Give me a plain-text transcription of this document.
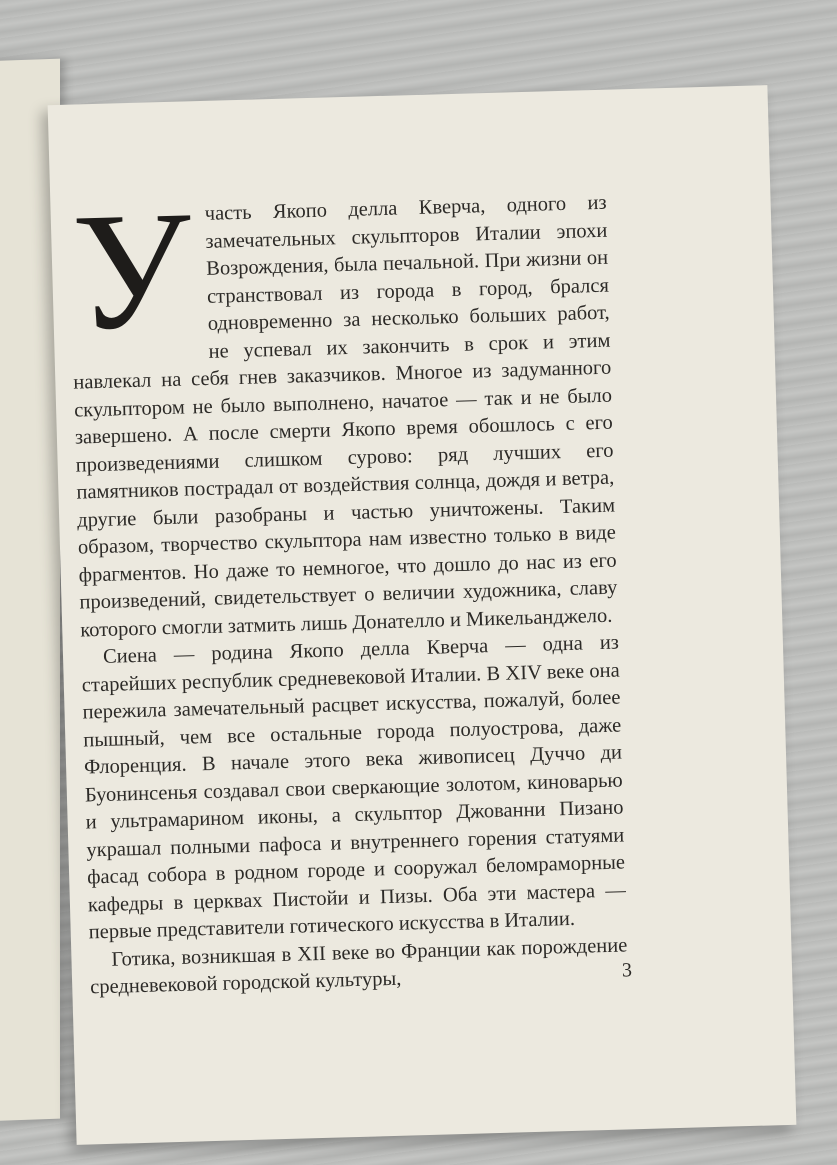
У часть Якопо делла Кверча, одного из замечательных скульпторов Италии эпохи Возрождения, была печальной. При жизни он странствовал из города в город, брался одновременно за несколько больших работ, не успевал их закончить в срок и этим навлекал на себя гнев заказчиков. Многое из задуманного скульптором не было выполнено, начатое — так и не было завершено. А после смерти Якопо время обошлось с его произведениями слишком сурово: ряд лучших его памятников пострадал от воздействия солнца, дождя и ветра, другие были разобраны и частью уничтожены. Таким образом, творчество скульптора нам известно только в виде фрагментов. Но даже то немногое, что дошло до нас из его произведений, свидетельствует о величии художника, славу которого смогли затмить лишь Донателло и Микельанджело.

Сиена — родина Якопо делла Кверча — одна из старейших республик средневековой Италии. В XIV веке она пережила замечательный расцвет искусства, пожалуй, более пышный, чем все остальные города полуострова, даже Флоренция. В начале этого века живописец Дуччо ди Буонинсенья создавал свои сверкающие золотом, киноварью и ультрамарином иконы, а скульптор Джованни Пизано украшал полными пафоса и внутреннего горения статуями фасад собора в родном городе и сооружал беломраморные кафедры в церквах Пистойи и Пизы. Оба эти мастера — первые представители готического искусства в Италии.

Готика, возникшая в XII веке во Франции как порождение средневековой городской культуры,	3
